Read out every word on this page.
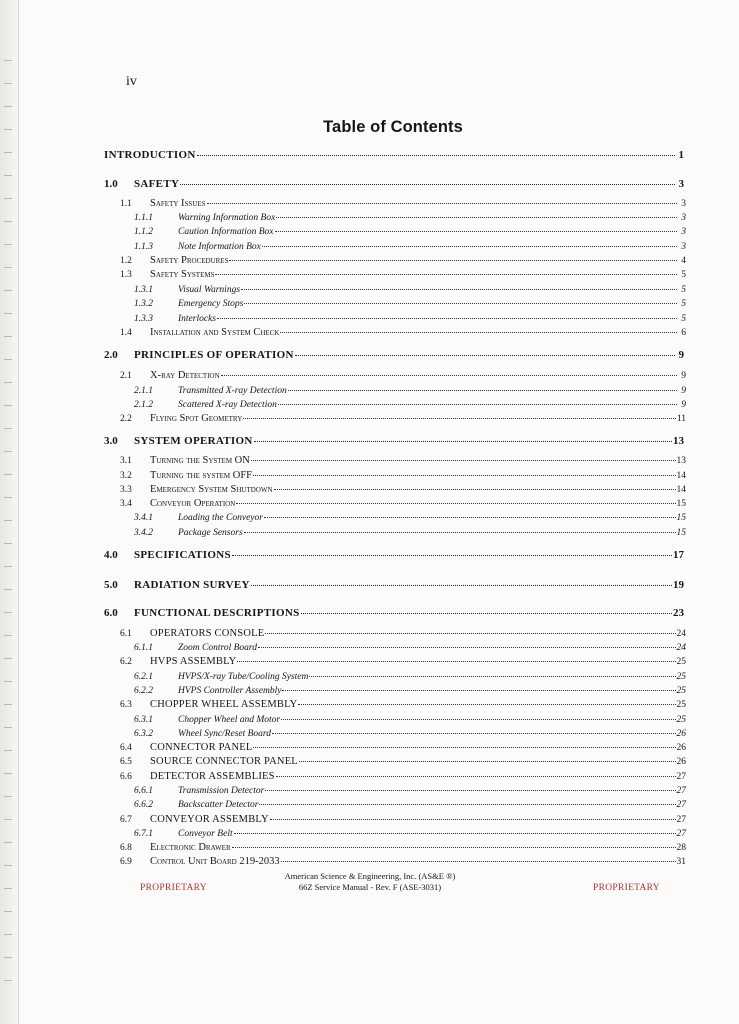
iv
Table of Contents
INTRODUCTION	1
1.0	SAFETY	3
1.1	Safety Issues	3
1.1.1	Warning Information Box	3
1.1.2	Caution Information Box	3
1.1.3	Note Information Box	3
1.2	Safety Procedures	4
1.3	Safety Systems	5
1.3.1	Visual Warnings	5
1.3.2	Emergency Stops	5
1.3.3	Interlocks	5
1.4	Installation and System Check	6
2.0	PRINCIPLES OF OPERATION	9
2.1	X-ray Detection	9
2.1.1	Transmitted X-ray Detection	9
2.1.2	Scattered X-ray Detection	9
2.2	Flying Spot Geometry	11
3.0	SYSTEM OPERATION	13
3.1	Turning the System ON	13
3.2	Turning the system OFF	14
3.3	Emergency System Shutdown	14
3.4	Conveyor Operation	15
3.4.1	Loading the Conveyor	15
3.4.2	Package Sensors	15
4.0	SPECIFICATIONS	17
5.0	RADIATION SURVEY	19
6.0	FUNCTIONAL DESCRIPTIONS	23
6.1	OPERATORS CONSOLE	24
6.1.1	Zoom Control Board	24
6.2	HVPS ASSEMBLY	25
6.2.1	HVPS/X-ray Tube/Cooling System	25
6.2.2	HVPS Controller Assembly	25
6.3	CHOPPER WHEEL ASSEMBLY	25
6.3.1	Chopper Wheel and Motor	25
6.3.2	Wheel Sync/Reset Board	26
6.4	CONNECTOR PANEL	26
6.5	SOURCE CONNECTOR PANEL	26
6.6	DETECTOR ASSEMBLIES	27
6.6.1	Transmission Detector	27
6.6.2	Backscatter Detector	27
6.7	CONVEYOR ASSEMBLY	27
6.7.1	Conveyor Belt	27
6.8	Electronic Drawer	28
6.9	Control Unit Board 219-2033	31
American Science & Engineering, Inc. (AS&E ®)
66Z Service Manual - Rev. F (ASE-3031)
PROPRIETARY	PROPRIETARY
